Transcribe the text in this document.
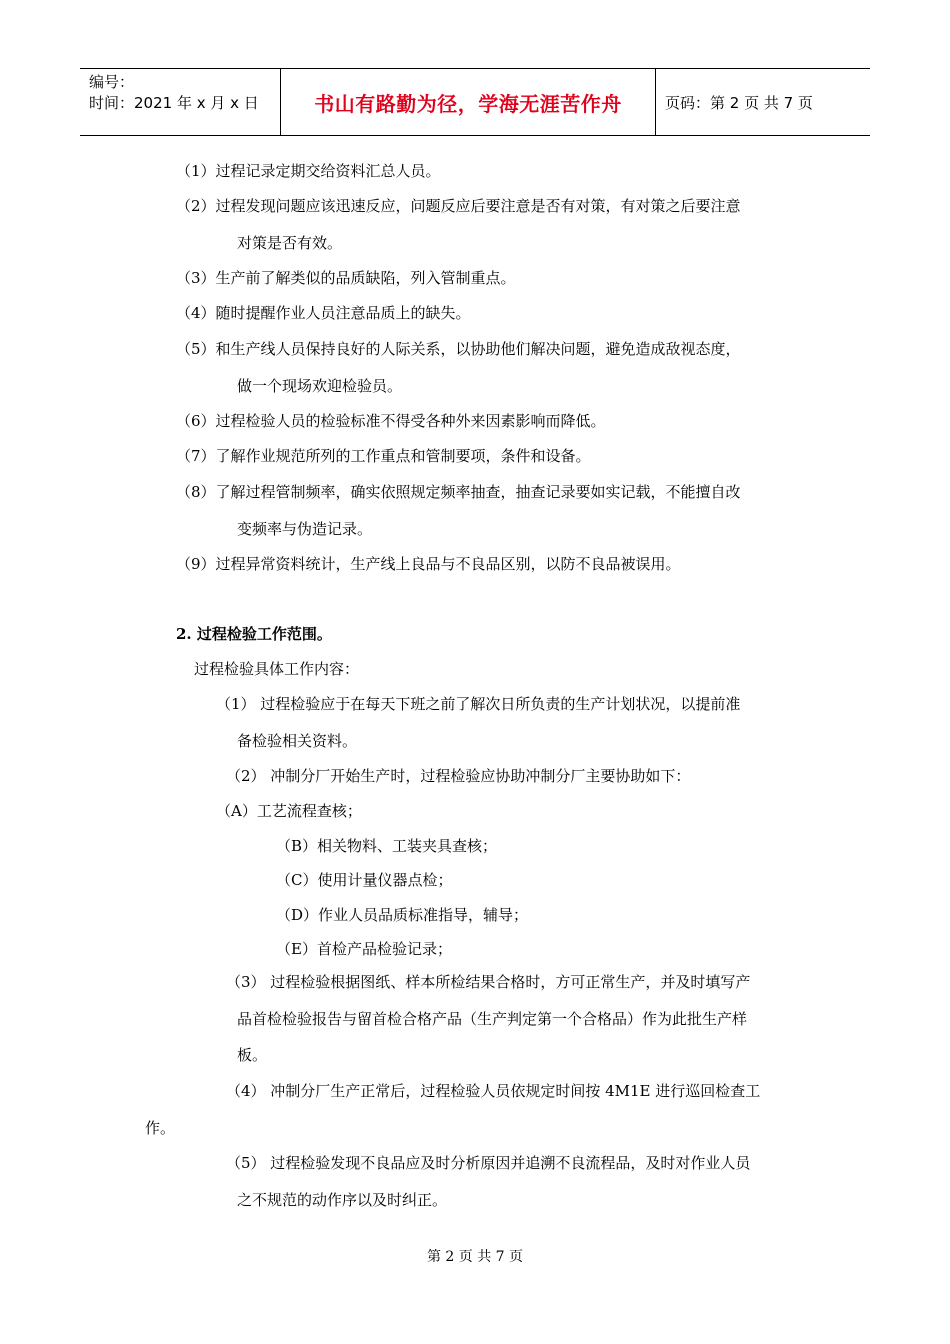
编号：
时间：2021 年 x 月 x 日	书山有路勤为径，学海无涯苦作舟	页码：第 2 页 共 7 页
（1）过程记录定期交给资料汇总人员。
（2）过程发现问题应该迅速反应，问题反应后要注意是否有对策，有对策之后要注意
对策是否有效。
（3）生产前了解类似的品质缺陷，列入管制重点。
（4）随时提醒作业人员注意品质上的缺失。
（5）和生产线人员保持良好的人际关系，以协助他们解决问题，避免造成敌视态度，
做一个现场欢迎检验员。
（6）过程检验人员的检验标准不得受各种外来因素影响而降低。
（7）了解作业规范所列的工作重点和管制要项，条件和设备。
（8）了解过程管制频率，确实依照规定频率抽查，抽查记录要如实记载，不能擅自改
变频率与伪造记录。
（9）过程异常资料统计，生产线上良品与不良品区别，以防不良品被误用。
2. 过程检验工作范围。
过程检验具体工作内容：
（1） 过程检验应于在每天下班之前了解次日所负责的生产计划状况，以提前准
备检验相关资料。
（2） 冲制分厂开始生产时，过程检验应协助冲制分厂主要协助如下：
（A）工艺流程查核；
（B）相关物料、工装夹具查核；
（C）使用计量仪器点检；
（D）作业人员品质标准指导，辅导；
（E）首检产品检验记录；
（3） 过程检验根据图纸、样本所检结果合格时，方可正常生产，并及时填写产
品首检检验报告与留首检合格产品（生产判定第一个合格品）作为此批生产样
板。
（4） 冲制分厂生产正常后，过程检验人员依规定时间按 4M1E 进行巡回检查工
作。
（5） 过程检验发现不良品应及时分析原因并追溯不良流程品，及时对作业人员
之不规范的动作序以及时纠正。
第 2 页 共 7 页
